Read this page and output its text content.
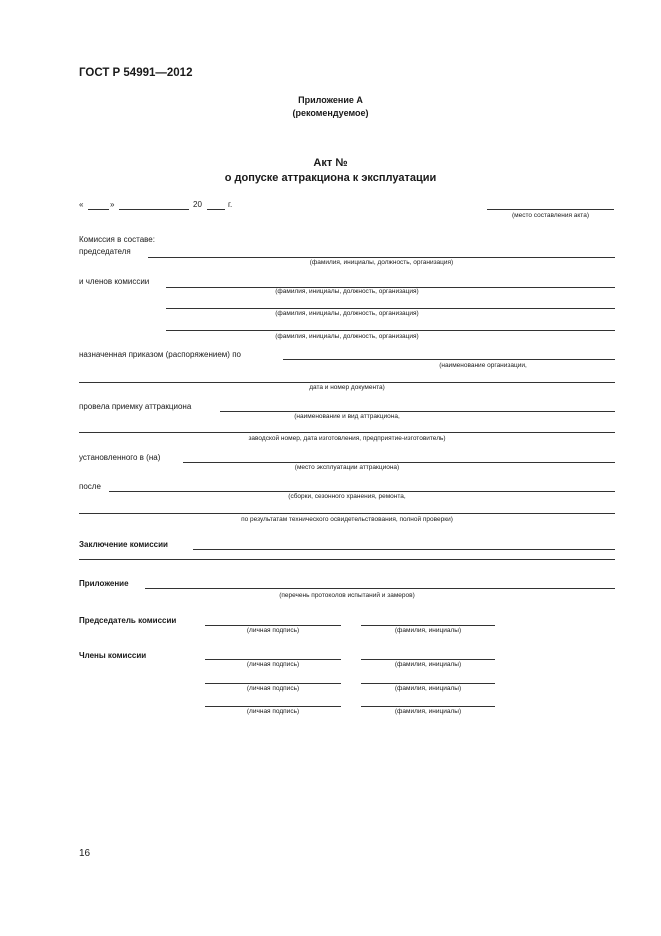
ГОСТ Р 54991—2012
Приложение А
(рекомендуемое)
Акт №
о допуске аттракциона к эксплуатации
«	»	20	г.
(место составления акта)
Комиссия в составе:
председателя
(фамилия, инициалы, должность, организация)
и членов комиссии
(фамилия, инициалы, должность, организация)
(фамилия, инициалы, должность, организация)
(фамилия, инициалы, должность, организация)
назначенная приказом (распоряжением) по
(наименование организации,
дата и номер документа)
провела приемку аттракциона
(наименование и вид аттракциона,
заводской номер, дата изготовления, предприятие-изготовитель)
установленного в (на)
(место эксплуатации аттракциона)
после
(сборки, сезонного хранения, ремонта,
по результатам технического освидетельствования, полной проверки)
Заключение комиссии
Приложение
(перечень протоколов испытаний и замеров)
Председатель комиссии
(личная подпись)	(фамилия, инициалы)
Члены комиссии
(личная подпись)	(фамилия, инициалы)
(личная подпись)	(фамилия, инициалы)
(личная подпись)	(фамилия, инициалы)
16
